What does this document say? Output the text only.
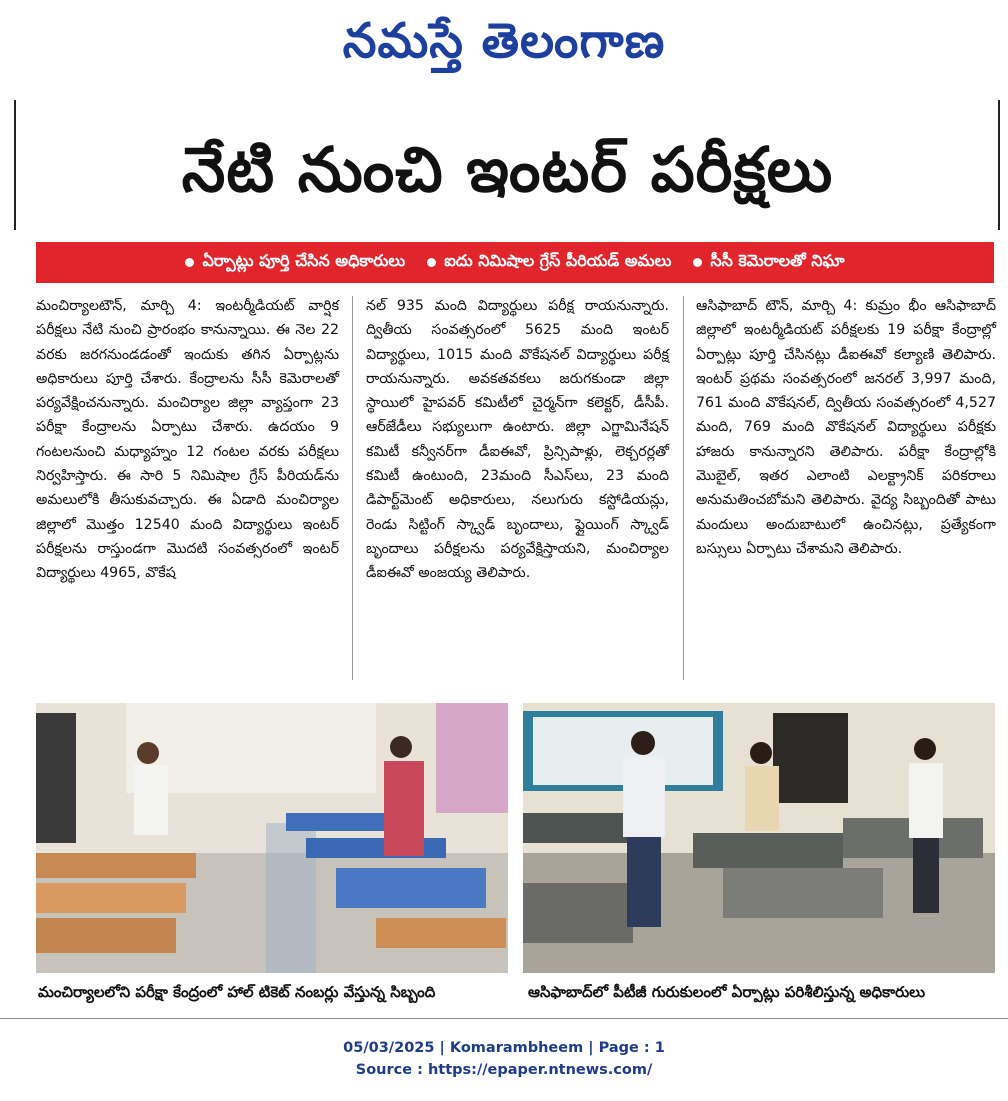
నమస్తే తెలంగాణ
నేటి నుంచి ఇంటర్ పరీక్షలు
ఏర్పాట్లు పూర్తి చేసిన అధికారులు ఐదు నిమిషాల గ్రేస్ పీరియడ్ అమలు సీసీ కెమెరాలతో నిఘా
మంచిర్యాలటౌన్, మార్చి 4: ఇంటర్మీడియట్ వార్షిక పరీక్షలు నేటి నుంచి ప్రారంభం కానున్నాయి. ఈ నెల 22 వరకు జరగనుండడంతో ఇందుకు తగిన ఏర్పాట్లను అధికారులు పూర్తి చేశారు. కేంద్రాలను సీసీ కెమెరాలతో పర్యవేక్షించనున్నారు. మంచిర్యాల జిల్లా వ్యాప్తంగా 23 పరీక్షా కేంద్రాలను ఏర్పాటు చేశారు. ఉదయం 9 గంటలనుంచి మధ్యాహ్నం 12 గంటల వరకు పరీక్షలు నిర్వహిస్తారు. ఈ సారి 5 నిమిషాల గ్రేస్ పీరియడ్‌ను అమలులోకి తీసుకువచ్చారు. ఈ ఏడాది మంచిర్యాల జిల్లాలో మొత్తం 12540 మంది విద్యార్థులు ఇంటర్ పరీక్షలను రాస్తుండగా మొదటి సంవత్సరంలో ఇంటర్ విద్యార్థులు 4965, వొకేష
నల్ 935 మంది విద్యార్థులు పరీక్ష రాయనున్నారు. ద్వితీయ సంవత్సరంలో 5625 మంది ఇంటర్ విద్యార్థులు, 1015 మంది వొకేషనల్ విద్యార్థులు పరీక్ష రాయనున్నారు. అవకతవకలు జరుగకుండా జిల్లా స్థాయిలో హైపవర్ కమిటీలో చైర్మన్‌గా కలెక్టర్, డీసీపీ. ఆర్‌జేడీలు సభ్యులుగా ఉంటారు. జిల్లా ఎగ్జామినేషన్ కమిటీ కన్వీనర్‌గా డీఐఈవో, ప్రిన్సిపాళ్లు, లెక్చరర్లతో కమిటీ ఉంటుంది, 23మంది సీఎస్‌లు, 23 మంది డిపార్ట్‌మెంట్ అధికారులు, నలుగురు కస్టోడియన్లు, రెండు సిట్టింగ్ స్క్వాడ్ బృందాలు, ఫ్లైయింగ్ స్క్వాడ్ బృందాలు పరీక్షలను పర్యవేక్షిస్తాయని, మంచిర్యాల డీఐఈవో అంజయ్య తెలిపారు.
ఆసిఫాబాద్ టౌన్, మార్చి 4: కుమ్రం భీం ఆసిఫాబాద్ జిల్లాలో ఇంటర్మీడియట్ పరీక్షలకు 19 పరీక్షా కేంద్రాల్లో ఏర్పాట్లు పూర్తి చేసినట్లు డీఐఈవో కల్యాణి తెలిపారు. ఇంటర్ ప్రథమ సంవత్సరంలో జనరల్ 3,997 మంది, 761 మంది వొకేషనల్, ద్వితీయ సంవత్సరంలో 4,527 మంది, 769 మంది వొకేషనల్ విద్యార్థులు పరీక్షకు హాజరు కానున్నారని తెలిపారు. పరీక్షా కేంద్రాల్లోకి మొబైల్, ఇతర ఎలాంటి ఎలక్ట్రానిక్ పరికరాలు అనుమతించబోమని తెలిపారు. వైద్య సిబ్బందితో పాటు మందులు అందుబాటులో ఉంచినట్లు, ప్రత్యేకంగా బస్సులు ఏర్పాటు చేశామని తెలిపారు.
మంచిర్యాలలోని పరీక్షా కేంద్రంలో హాల్ టికెట్ నంబర్లు వేస్తున్న సిబ్బంది	ఆసిఫాబాద్‌లో పీటీజీ గురుకులంలో ఏర్పాట్లు పరిశీలిస్తున్న అధికారులు
05/03/2025 | Komarambheem | Page : 1
Source : https://epaper.ntnews.com/
